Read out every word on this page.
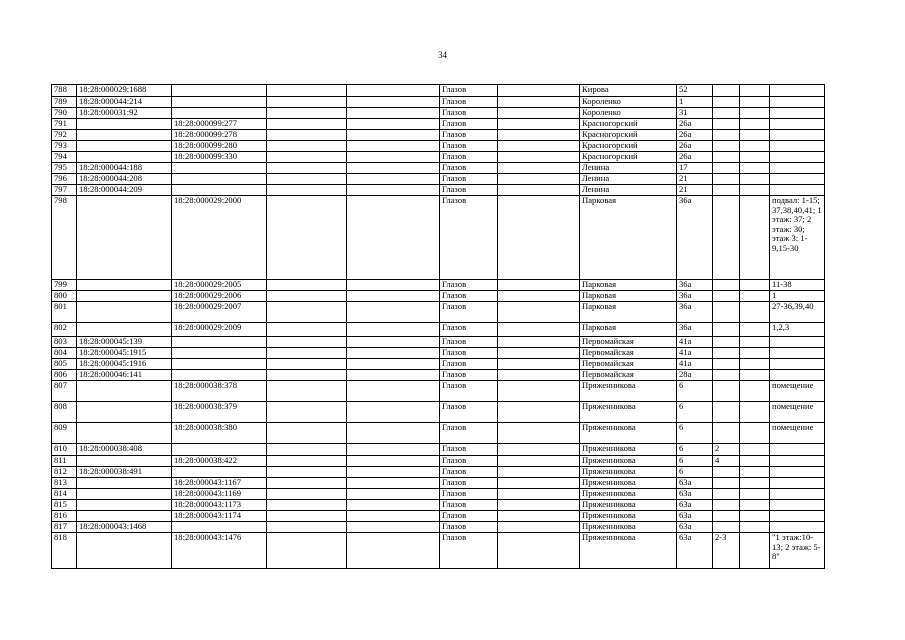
34
788	18:28:000029:1688				Глазов		Кирова	52			
789	18:28:000044:214				Глазов		Короленко	1			
790	18:28:000031:92				Глазов		Короленко	31			
791		18:28:000099:277			Глазов		Красногорский	26а			
792		18:28:000099:278			Глазов		Красногорский	26а			
793		18:28:000099:280			Глазов		Красногорский	26а			
794		18:28:000099:330			Глазов		Красногорский	26а			
795	18:28:000044:188				Глазов		Ленина	17			
796	18:28:000044:208				Глазов		Ленина	21			
797	18:28:000044:209				Глазов		Ленина	21			
798		18:28:000029:2000			Глазов		Парковая	36а			подвал: 1-15; 37,38,40,41; 1 этаж: 37; 2 этаж: 30; этаж 3: 1-9,15-30
799		18:28:000029:2005			Глазов		Парковая	36а			11-38
800		18:28:000029:2006			Глазов		Парковая	36а			1
801		18:28:000029:2007			Глазов		Парковая	36а			27-36,39,40
802		18:28:000029:2009			Глазов		Парковая	36а			1,2,3
803	18:28:000045:139				Глазов		Первомайская	41а			
804	18:28:000045:1915				Глазов		Первомайская	41а			
805	18:28:000045:1916				Глазов		Первомайская	41а			
806	18:28:000046:141				Глазов		Первомайская	28а			
807		18:28:000038:378			Глазов		Пряженникова	6			помещение
808		18:28:000038:379			Глазов		Пряженникова	6			помещение
809		18:28:000038:380			Глазов		Пряженникова	6			помещение
810	18:28:000038:408				Глазов		Пряженникова	6	2		
811		18:28:000038:422			Глазов		Пряженникова	6	4		
812	18:28:000038:491				Глазов		Пряженникова	6			
813		18:28:000043:1167			Глазов		Пряженникова	63а			
814		18:28:000043:1169			Глазов		Пряженникова	63а			
815		18:28:000043:1173			Глазов		Пряженникова	63а			
816		18:28:000043:1174			Глазов		Пряженникова	63а			
817	18:28:000043:1468				Глазов		Пряженникова	63а			
818		18:28:000043:1476			Глазов		Пряженникова	63а	2-3		"1 этаж:10-13; 2 этаж: 5-8"
